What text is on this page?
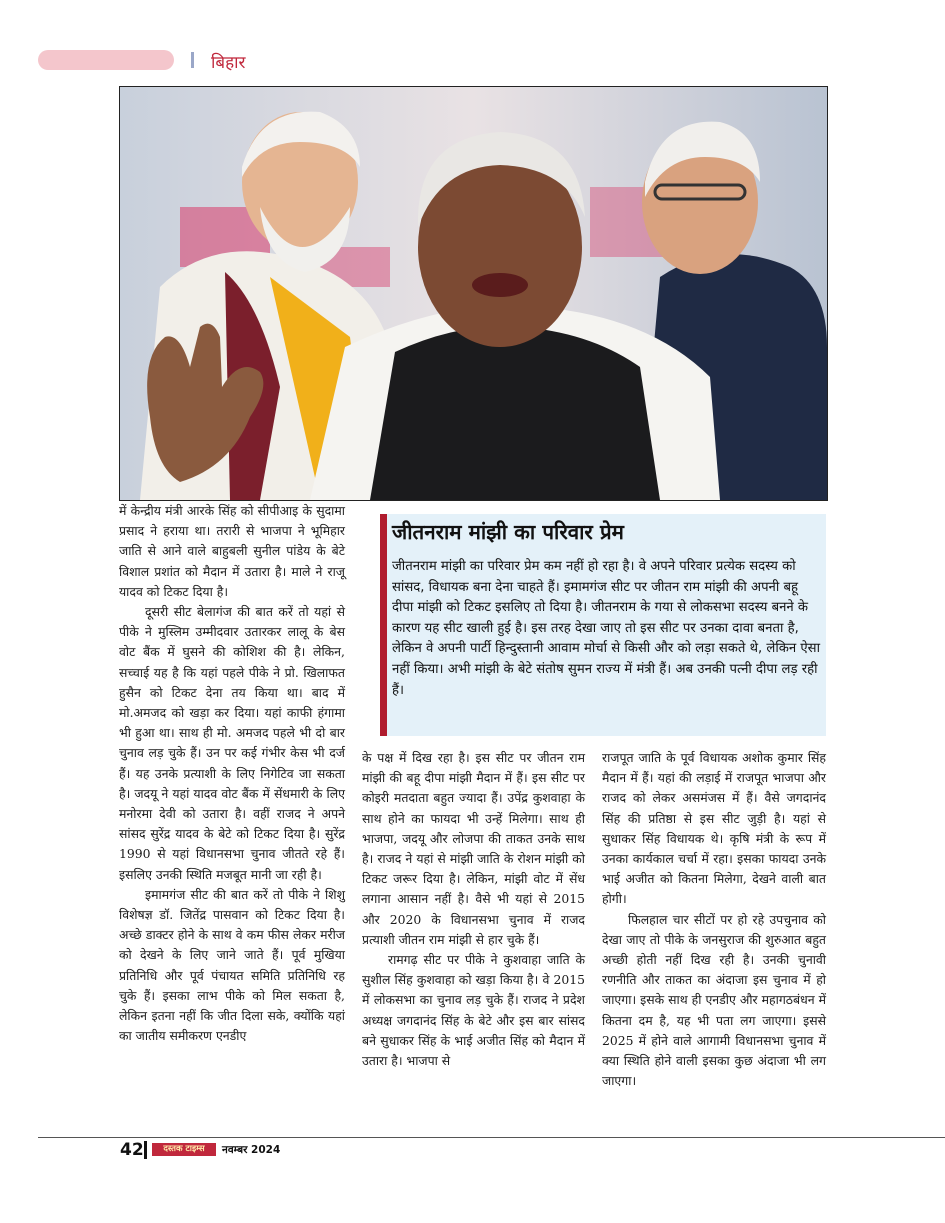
बिहार

में केन्द्रीय मंत्री आरके सिंह को सीपीआइ के सुदामा प्रसाद ने हराया था। तरारी से भाजपा ने भूमिहार जाति से आने वाले बाहुबली सुनील पांडेय के बेटे विशाल प्रशांत को मैदान में उतारा है। माले ने राजू यादव को टिकट दिया है।

दूसरी सीट बेलागंज की बात करें तो यहां से पीके ने मुस्लिम उम्मीदवार उतारकर लालू के बेस वोट बैंक में घुसने की कोशिश की है। लेकिन, सच्चाई यह है कि यहां पहले पीके ने प्रो. खिलाफत हुसैन को टिकट देना तय किया था। बाद में मो.अमजद को खड़ा कर दिया। यहां काफी हंगामा भी हुआ था। साथ ही मो. अमजद पहले भी दो बार चुनाव लड़ चुके हैं। उन पर कई गंभीर केस भी दर्ज हैं। यह उनके प्रत्याशी के लिए निगेटिव जा सकता है। जदयू ने यहां यादव वोट बैंक में सेंधमारी के लिए मनोरमा देवी को उतारा है। वहीं राजद ने अपने सांसद सुरेंद्र यादव के बेटे को टिकट दिया है। सुरेंद्र 1990 से यहां विधानसभा चुनाव जीतते रहे हैं। इसलिए उनकी स्थिति मजबूत मानी जा रही है।

इमामगंज सीट की बात करें तो पीके ने शिशु विशेषज्ञ डॉ. जितेंद्र पासवान को टिकट दिया है। अच्छे डाक्टर होने के साथ वे कम फीस लेकर मरीज को देखने के लिए जाने जाते हैं। पूर्व मुखिया प्रतिनिधि और पूर्व पंचायत समिति प्रतिनिधि रह चुके हैं। इसका लाभ पीके को मिल सकता है, लेकिन इतना नहीं कि जीत दिला सके, क्योंकि यहां का जातीय समीकरण एनडीए

जीतनराम मांझी का परिवार प्रेम
जीतनराम मांझी का परिवार प्रेम कम नहीं हो रहा है। वे अपने परिवार प्रत्येक सदस्य को सांसद, विधायक बना देना चाहते हैं। इमामगंज सीट पर जीतन राम मांझी की अपनी बहू दीपा मांझी को टिकट इसलिए तो दिया है। जीतनराम के गया से लोकसभा सदस्य बनने के कारण यह सीट खाली हुई है। इस तरह देखा जाए तो इस सीट पर उनका दावा बनता है, लेकिन वे अपनी पार्टी हिन्दुस्तानी आवाम मोर्चा से किसी और को लड़ा सकते थे, लेकिन ऐसा नहीं किया। अभी मांझी के बेटे संतोष सुमन राज्य में मंत्री हैं। अब उनकी पत्नी दीपा लड़ रही हैं।

के पक्ष में दिख रहा है। इस सीट पर जीतन राम मांझी की बहू दीपा मांझी मैदान में हैं। इस सीट पर कोइरी मतदाता बहुत ज्यादा हैं। उपेंद्र कुशवाहा के साथ होने का फायदा भी उन्हें मिलेगा। साथ ही भाजपा, जदयू और लोजपा की ताकत उनके साथ है। राजद ने यहां से मांझी जाति के रोशन मांझी को टिकट जरूर दिया है। लेकिन, मांझी वोट में सेंध लगाना आसान नहीं है। वैसे भी यहां से 2015 और 2020 के विधानसभा चुनाव में राजद प्रत्याशी जीतन राम मांझी से हार चुके हैं।

रामगढ़ सीट पर पीके ने कुशवाहा जाति के सुशील सिंह कुशवाहा को खड़ा किया है। वे 2015 में लोकसभा का चुनाव लड़ चुके हैं। राजद ने प्रदेश अध्यक्ष जगदानंद सिंह के बेटे और इस बार सांसद बने सुधाकर सिंह के भाई अजीत सिंह को मैदान में उतारा है। भाजपा से

राजपूत जाति के पूर्व विधायक अशोक कुमार सिंह मैदान में हैं। यहां की लड़ाई में राजपूत भाजपा और राजद को लेकर असमंजस में हैं। वैसे जगदानंद सिंह की प्रतिष्ठा से इस सीट जुड़ी है। यहां से सुधाकर सिंह विधायक थे। कृषि मंत्री के रूप में उनका कार्यकाल चर्चा में रहा। इसका फायदा उनके भाई अजीत को कितना मिलेगा, देखने वाली बात होगी।

फिलहाल चार सीटों पर हो रहे उपचुनाव को देखा जाए तो पीके के जनसुराज की शुरुआत बहुत अच्छी होती नहीं दिख रही है। उनकी चुनावी रणनीति और ताकत का अंदाजा इस चुनाव में हो जाएगा। इसके साथ ही एनडीए और महागठबंधन में कितना दम है, यह भी पता लग जाएगा। इससे 2025 में होने वाले आगामी विधानसभा चुनाव में क्या स्थिति होने वाली इसका कुछ अंदाजा भी लग जाएगा।

42	दस्तक टाइम्स	नवम्बर 2024
